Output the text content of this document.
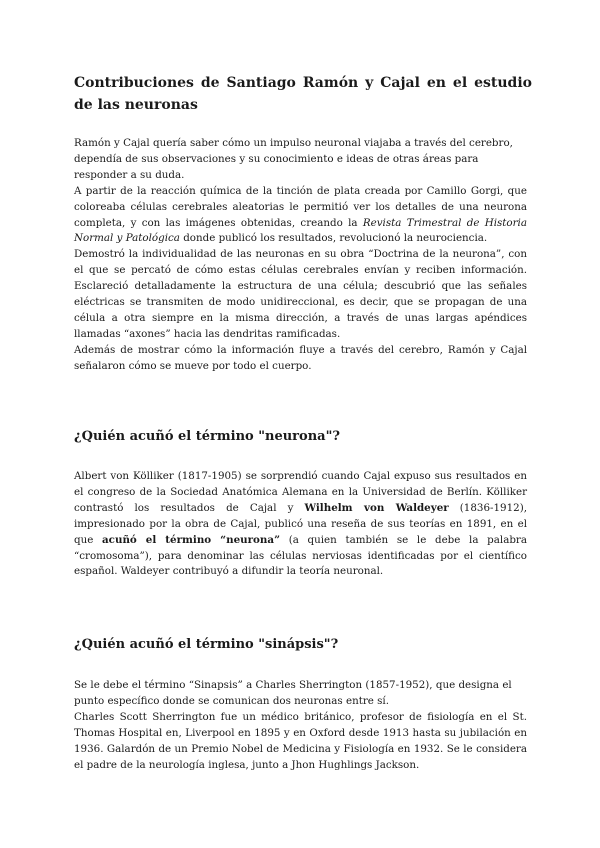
Contribuciones de Santiago Ramón y Cajal en el estudio de las neuronas

Ramón y Cajal quería saber cómo un impulso neuronal viajaba a través del cerebro, dependía de sus observaciones y su conocimiento e ideas de otras áreas para responder a su duda.

A partir de la reacción química de la tinción de plata creada por Camillo Gorgi, que coloreaba células cerebrales aleatorias le permitió ver los detalles de una neurona completa, y con las imágenes obtenidas, creando la Revista Trimestral de Historia Normal y Patológica donde publicó los resultados, revolucionó la neurociencia.

Demostró la individualidad de las neuronas en su obra “Doctrina de la neurona”, con el que se percató de cómo estas células cerebrales envían y reciben información. Esclareció detalladamente la estructura de una célula; descubrió que las señales eléctricas se transmiten de modo unidireccional, es decir, que se propagan de una célula a otra siempre en la misma dirección, a través de unas largas apéndices llamadas “axones” hacia las dendritas ramificadas.

Además de mostrar cómo la información fluye a través del cerebro, Ramón y Cajal señalaron cómo se mueve por todo el cuerpo.

¿Quién acuñó el término "neurona"?

Albert von Kölliker (1817-1905) se sorprendió cuando Cajal expuso sus resultados en el congreso de la Sociedad Anatómica Alemana en la Universidad de Berlín. Kölliker contrastó los resultados de Cajal y Wilhelm von Waldeyer (1836-1912), impresionado por la obra de Cajal, publicó una reseña de sus teorías en 1891, en el que acuñó el término “neurona” (a quien también se le debe la palabra “cromosoma”), para denominar las células nerviosas identificadas por el científico español. Waldeyer contribuyó a difundir la teoría neuronal.

¿Quién acuñó el término "sinápsis"?

Se le debe el término “Sinapsis” a Charles Sherrington (1857-1952), que designa el punto específico donde se comunican dos neuronas entre sí.

Charles Scott Sherrington fue un médico británico, profesor de fisiología en el St. Thomas Hospital en, Liverpool en 1895 y en Oxford desde 1913 hasta su jubilación en 1936. Galardón de un Premio Nobel de Medicina y Fisiología en 1932. Se le considera el padre de la neurología inglesa, junto a Jhon Hughlings Jackson.
